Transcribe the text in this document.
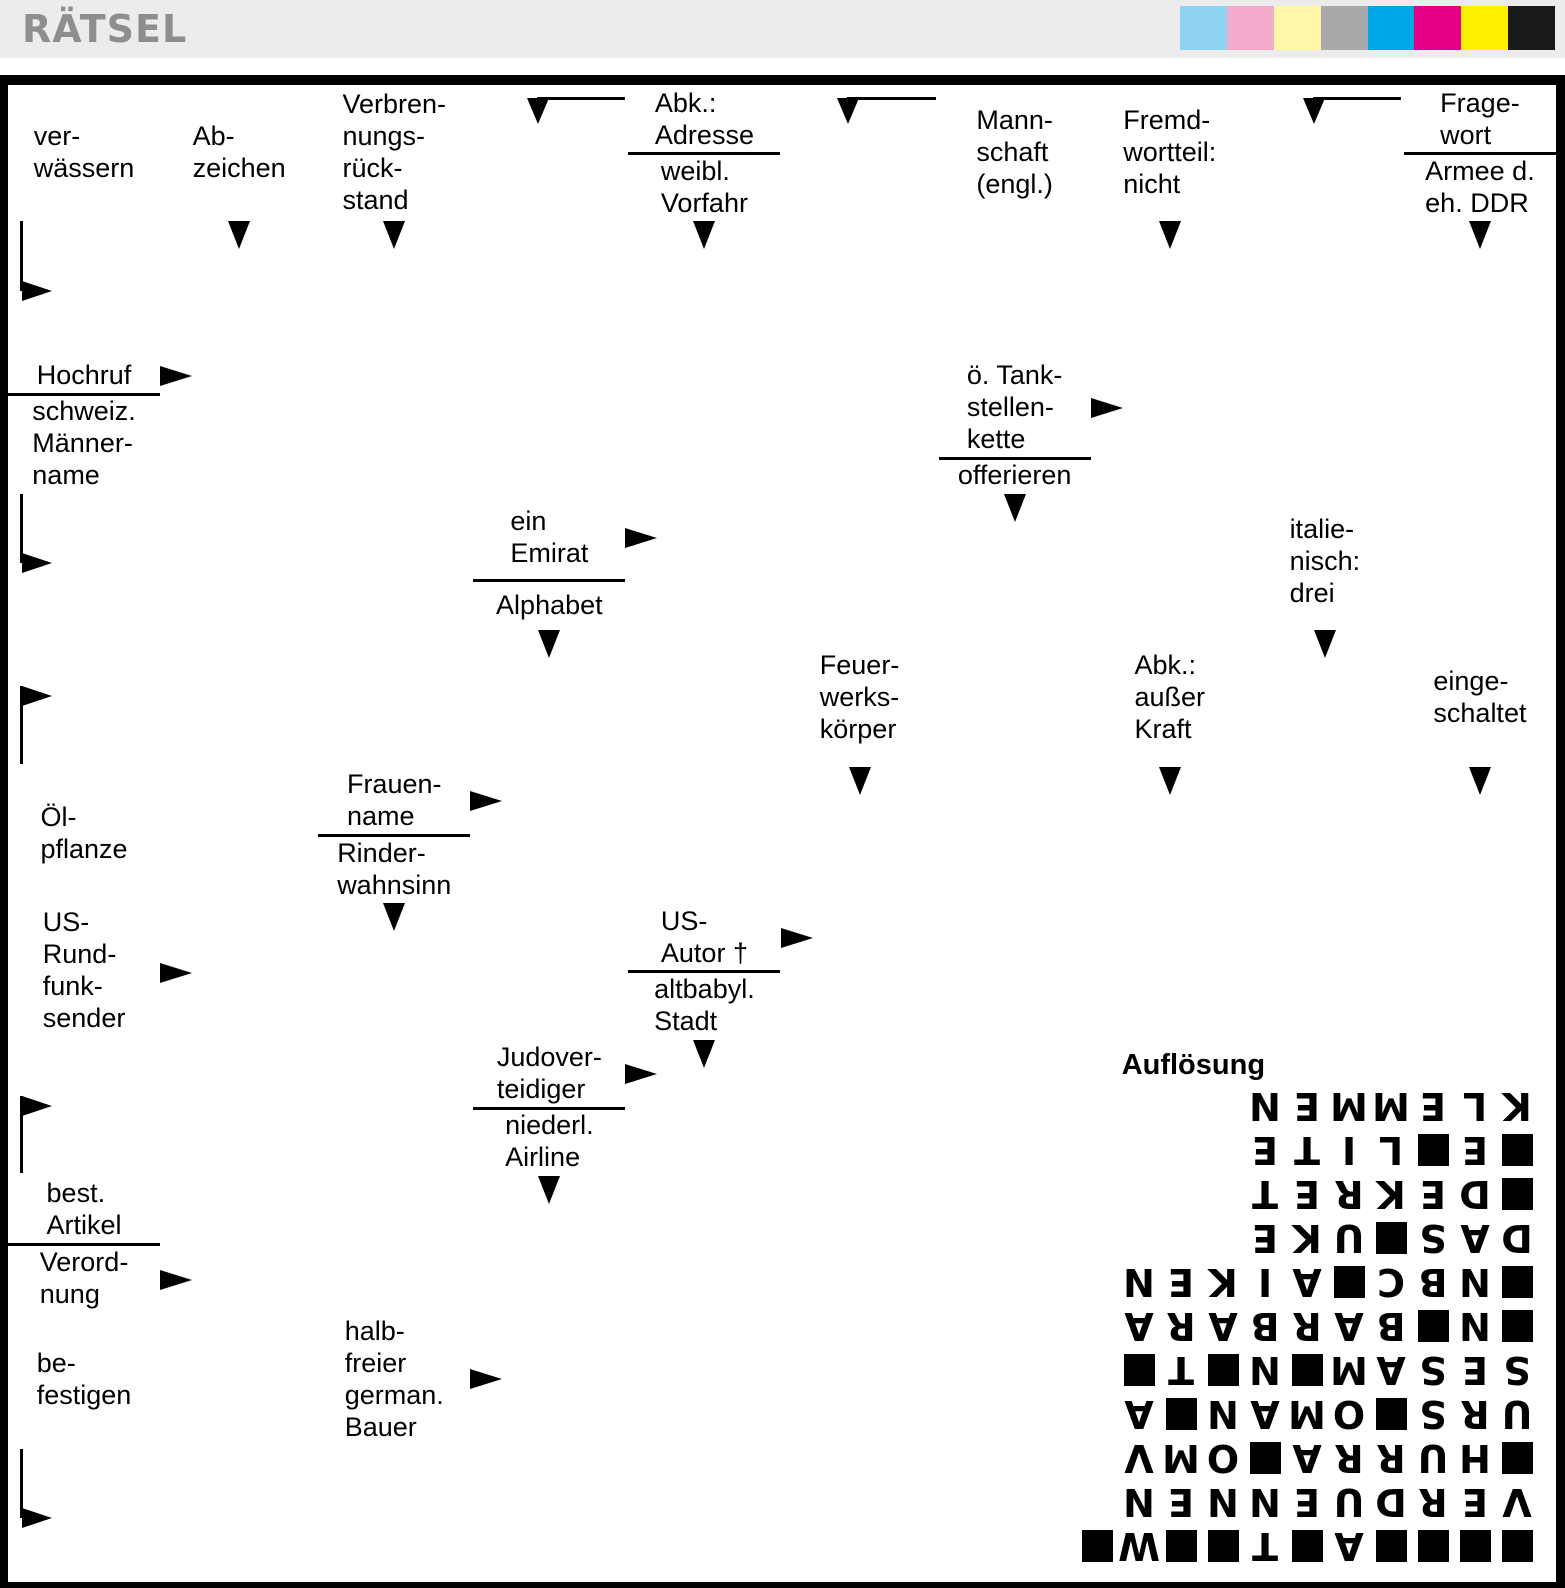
RÄTSEL
ver-
wässern
Ab-
zeichen
Verbren-
nungs-
rück-
stand
Abk.:
Adresse
weibl.
Vorfahr
Mann-
schaft
(engl.)
Fremd-
wortteil:
nicht
Frage-
wort
Armee d.
eh. DDR
Hochruf
schweiz.
Männer-
name
ö. Tank-
stellen-
kette
offerieren
ein
Emirat
Alphabet
italie-
nisch:
drei
Feuer-
werks-
körper
Abk.:
außer
Kraft
einge-
schaltet
Öl-
pflanze
Frauen-
name
Rinder-
wahnsinn
US-
Rund-
funk-
sender
US-
Autor †
altbabyl.
Stadt
Judover-
teidiger
niederl.
Airline
best.
Artikel
Verord-
nung
be-
festigen
halb-
freier
german.
Bauer
Auflösung
K
L
E
M
M
E
N
E
L
I
T
E
D
E
K
R
E
T
D
A
S
U
K
E
N
B
C
A
I
K
E
N
N
B
A
R
B
A
R
A
S
E
S
A
M
N
T
U
R
S
O
M
A
N
A
H
U
R
R
A
O
M
V
V
E
R
D
U
E
N
N
E
N
A
T
W
